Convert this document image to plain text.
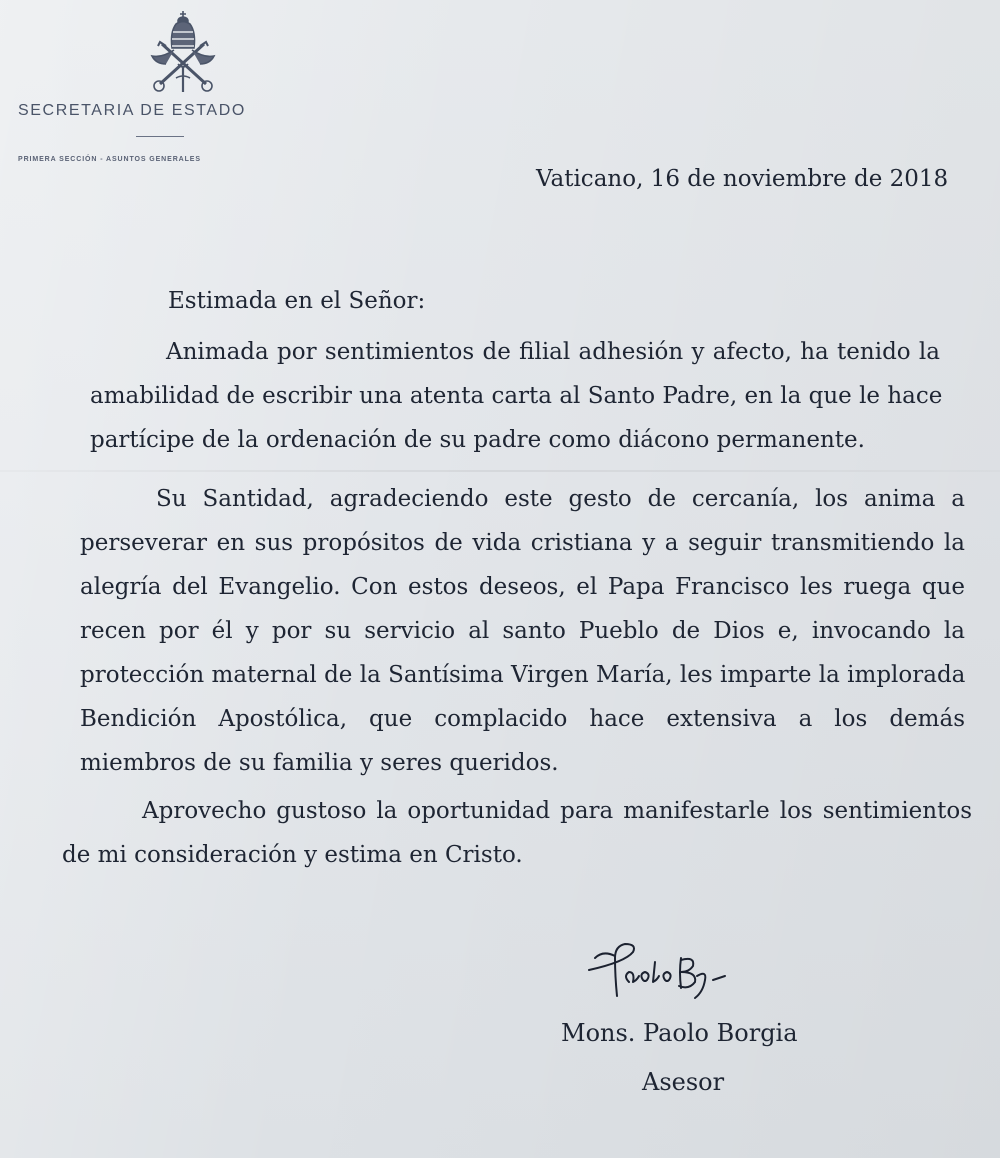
SECRETARIA DE ESTADO
PRIMERA SECCIÓN - ASUNTOS GENERALES
Vaticano, 16 de noviembre de 2018
Estimada en el Señor:
Animada por sentimientos de filial adhesión y afecto, ha tenido la
amabilidad de escribir una atenta carta al Santo Padre, en la que le hace
partícipe de la ordenación de su padre como diácono permanente.
Su Santidad, agradeciendo este gesto de cercanía, los anima a
perseverar en sus propósitos de vida cristiana y a seguir transmitiendo la
alegría del Evangelio. Con estos deseos, el Papa Francisco les ruega que
recen por él y por su servicio al santo Pueblo de Dios e, invocando la
protección maternal de la Santísima Virgen María, les imparte la implorada
Bendición Apostólica, que complacido hace extensiva a los demás
miembros de su familia y seres queridos.
Aprovecho gustoso la oportunidad para manifestarle los sentimientos
de mi consideración y estima en Cristo.
Mons. Paolo Borgia
Asesor
